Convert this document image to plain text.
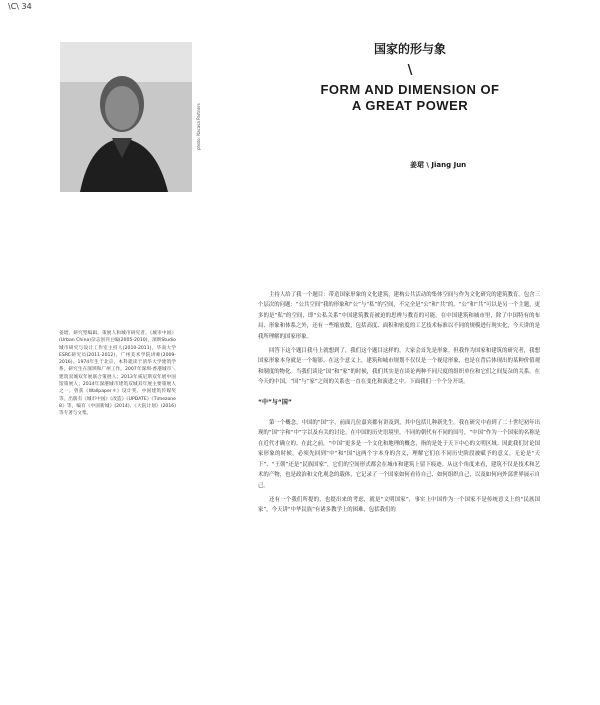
\C\ 34
photo: Nacasa Partners

国家的形与象

\

FORM AND DIMENSION OF

A GREAT POWER

姜珺 \ Jiang Jun

姜珺，研究型编辑、策展人和城市研究者。《城市中国》(Urban China)杂志创刊主编(2005-2010)，深圳Studio城市研究与设计工作室主持人(2010-2011)，华南大学ESRC研究员(2011-2012)，广州美术学院讲师(2009-2016)。1974年生于北京，本科就读于清华大学建筑学系，研究生在深圳和广州工作。2007年深圳·香港城市＼建筑双城双年展联合策展人；2013年威尼斯双年展中国馆策展人；2014年深港城市建筑双城双年展主要策展人之一。曾获《Wallpaper＊》设计奖、中国建筑传媒奖等。出版有《城市中国》《改造》《UPDATE》《Timezone 8》等，编有《中国新城》(2014)、《大院计划》(2016)等专著与文集。

主持人给了我一个题目：带造国家形象的文化建筑，建构公共活动的集体空间与作为文化研究的建筑教育。包含三个层次的问题：“公共空间”我的形象和“公”与“私”的空间，不完全是“公”和“共”的，“公”和“共”可以是另一个主题，更多的是“私”的空间，即“公私关系”中国建筑教育被迫的思辨与教育的可能。在中国建筑和城市里，除了中国特有的布局、形象和体系之外，还有一些缩放数，包括高度、面积和密度的工艺技术标准以不同的规模进行现实化，今天讲的是我所理解的国家形象。

回答下这个题目我马上就想到了，我们这个题目这样的，大家会首先是形象。但我作为国家和建筑的研究者，我想国家形象本身就是一个缩影，在这个意义上，建筑和城市规划不仅仅是一个视觉形象，也是在背后体现出的某种价值观和制度的物化。当我们谈论“国”和“家”的时候，我们其实是在谈论两种不同尺度的组织单位和它们之间复杂的关系。在今天的中国，“国”与“家”之间的关系也一直在变化和演进之中。下面我们一个个分开谈。

“中”与“国”

第一个概念，中国的“国”字，前面几位嘉宾都有讲及到，其中包括几种新先生。我在研究中看到了二十世纪初年出现的“国”字和“中”字以及有关的讨论。在中国的历史语境里，不同的朝代有不同的国号，“中国”作为一个国家的名称是在近代才确立的。在此之前，“中国”更多是一个文化和地理的概念，指的是处于天下中心的文明区域。因此我们讨论国家形象的时候，必须先回到“中”和“国”这两个字本身的含义，理解它们在不同历史阶段被赋予的意义。无论是“天下”、“王朝”还是“民族国家”，它们的空间形式都会在城市和建筑上留下痕迹。从这个角度来看，建筑不仅是技术和艺术的产物，也是政治和文化观念的载体，它记录了一个国家如何看待自己、如何组织自己，以及如何向外部世界展示自己。

还有一个我们所提的，也提出来的考虑，就是“文明国家”，事实上中国作为一个国家不是传统意义上的“民族国家”，今天讲“中华民族”有诸多教学上的困难，包括我们的
